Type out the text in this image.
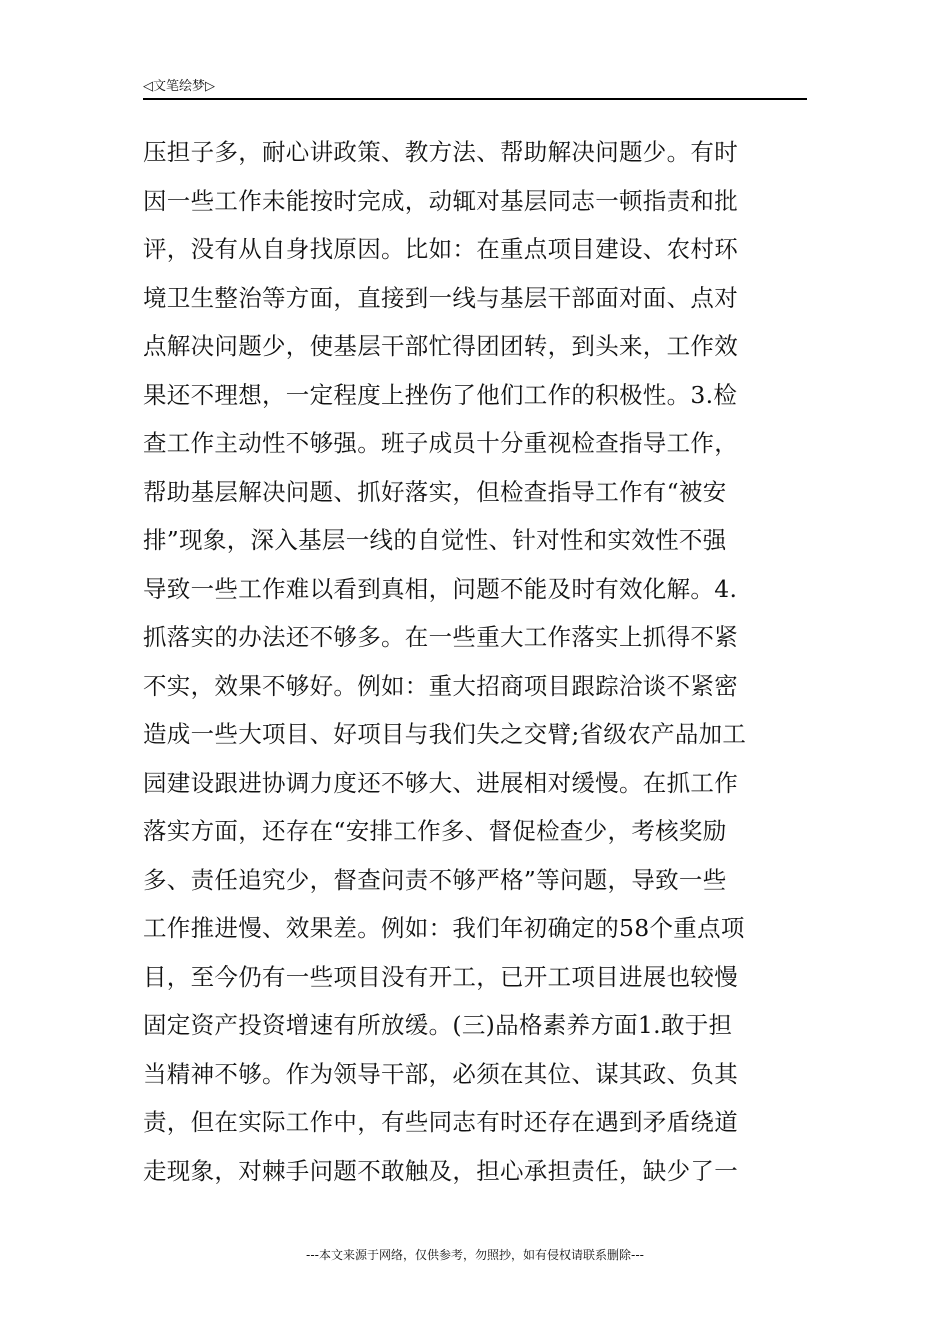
◁文笔绘梦▷
压担子多，耐心讲政策、教方法、帮助解决问题少。有时
因一些工作未能按时完成，动辄对基层同志一顿指责和批
评，没有从自身找原因。比如：在重点项目建设、农村环
境卫生整治等方面，直接到一线与基层干部面对面、点对
点解决问题少，使基层干部忙得团团转，到头来，工作效
果还不理想，一定程度上挫伤了他们工作的积极性。3.检
查工作主动性不够强。班子成员十分重视检查指导工作，
帮助基层解决问题、抓好落实，但检查指导工作有“被安
排”现象，深入基层一线的自觉性、针对性和实效性不强
导致一些工作难以看到真相，问题不能及时有效化解。4.
抓落实的办法还不够多。在一些重大工作落实上抓得不紧
不实，效果不够好。例如：重大招商项目跟踪洽谈不紧密
造成一些大项目、好项目与我们失之交臂;省级农产品加工
园建设跟进协调力度还不够大、进展相对缓慢。在抓工作
落实方面，还存在“安排工作多、督促检查少，考核奖励
多、责任追究少，督查问责不够严格”等问题，导致一些
工作推进慢、效果差。例如：我们年初确定的58个重点项
目，至今仍有一些项目没有开工，已开工项目进展也较慢
固定资产投资增速有所放缓。(三)品格素养方面1.敢于担
当精神不够。作为领导干部，必须在其位、谋其政、负其
责，但在实际工作中，有些同志有时还存在遇到矛盾绕道
走现象，对棘手问题不敢触及，担心承担责任，缺少了一
---本文来源于网络，仅供参考，勿照抄，如有侵权请联系删除---
